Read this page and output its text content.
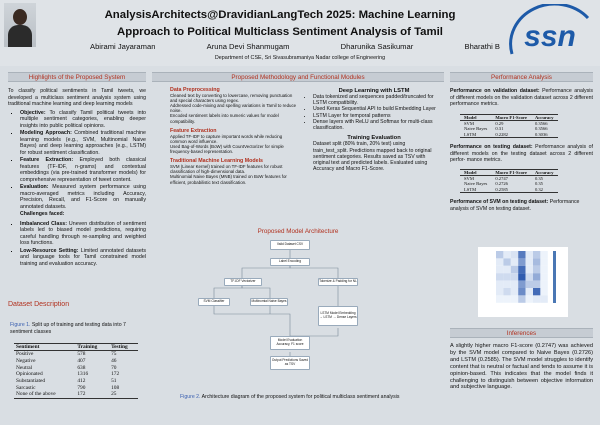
AnalysisArchitects@DravidianLangTech 2025: Machine Learning
Approach to Political Multiclass Sentiment Analysis of Tamil
Abirami Jayaraman	Aruna Devi Shanmugam	Dharunika Sasikumar	Bharathi B
Department of CSE, Sri Sivasubramaniya Nadar college of Engineering
ssn
Highlights of the Proposed System

To classify political sentiments in Tamil tweets, we developed a multiclass sentiment analysis system using traditional machine learning and deep learning models

▪ Objective: To classify Tamil political tweets into multiple sentiment categories, enabling deeper insights into public political opinions.
▪ Modeling Approach: Combined traditional machine learning models (e.g., SVM, Multinomial Naive Bayes) and deep learning approaches (e.g., LSTM) for robust sentiment classification.
▪ Feature Extraction: Employed both classical features (TF-IDF, n-grams) and contextual embeddings (via pre-trained transformer models) for comprehensive representation of tweet content.
▪ Evaluation: Measured system performance using macro-averaged metrics including Accuracy, Precision, Recall, and F1-Score on manually annotated datasets.
Challenges faced:
▪ Imbalanced Class: Uneven distribution of sentiment labels led to biased model predictions, requiring careful handling through re-sampling and weighted loss functions.
▪ Low-Resource Setting: Limited annotated datasets and language tools for Tamil constrained model training and evaluation accuracy.
Dataset Description

Figure 1. Split up of training and testing data into 7 sentiment classes

Sentiment	Training	Testing
Positive	578	75
Negative	407	46
Neutral	638	70
Opinionated	1316	172
Substantiated	412	51
Sarcastic	790	108
None of the above	172	25
Proposed Methodology and Functional Modules
Data Preprocessing
Cleaned text by converting to lowercase, removing punctuation and special characters using regex.
Addressed code-mixing and spelling variations in Tamil to reduce noise.
Encoded sentiment labels into numeric values for model compatibility.
Feature Extraction
Applied TF-IDF to capture important words while reducing common word influence.
Used Bag-of-Words (BoW) with CountVectorizer for simple frequency-based representation.
Traditional Machine Learning Models
SVM (Linear Kernel) trained on TF-IDF features for robust classification of high-dimensional data.
Multinomial Naive Bayes (MNB) trained on BoW features for efficient, probabilistic text classification.
Deep Learning with LSTM
• Data tokenized and sequences padded/truncated for LSTM compatibility.
• Used Keras Sequential API to build Embedding Layer
• LSTM Layer for temporal patterns
• Dense layers with ReLU and Softmax for multi-class classification.
Training Evaluation

Dataset split (80% train, 20% test) using train_test_split. Predictions mapped back to original sentiment categories. Results saved as TSV with original text and predicted labels. Evaluated using Accuracy and Macro F1-Score.

Proposed Model Architecture
Valid Dataset CSV
Label Encoding
TF-IDF Vectorizer	Tokenize & Padding for NL
SVM Classifier	Multinomial Naive Bayes
LSTM Model Embedding → LSTM → Dense Layers
Model Evaluation Accuracy, F1 score
Output Predictions Saved as TSV

Figure 2. Architecture diagram of the proposed system for political multiclass sentiment analysis

Performance Analysis

Performance on validation dataset: Performance analysis of different models on the validation dataset across 2 different performance metrics.

Model	Macro F1-Score	Accuracy
SVM	0.29	0.3566
Naive Bayes	0.31	0.3566
LSTM	0.2282	0.3036

Performance on testing dataset: Performance analysis of different models on the testing dataset across 2 different perfor- mance metrics.

Model	Macro F1-Score	Accuracy
SVM	0.2747	0.35
Naive Bayes	0.2726	0.35
LSTM	0.2585	0.32

Performance of SVM on testing dataset: Performance analysis of SVM on testing dataset.

Inferences

A slightly higher macro F1-score (0.2747) was achieved by the SVM model compared to Naive Bayes (0.2726) and LSTM (0.2585). The SVM model struggles to identify content that is neutral or factual and tends to assume it is opinion-based. This indicates that the model finds it challenging to distinguish between objective information and subjective language.
